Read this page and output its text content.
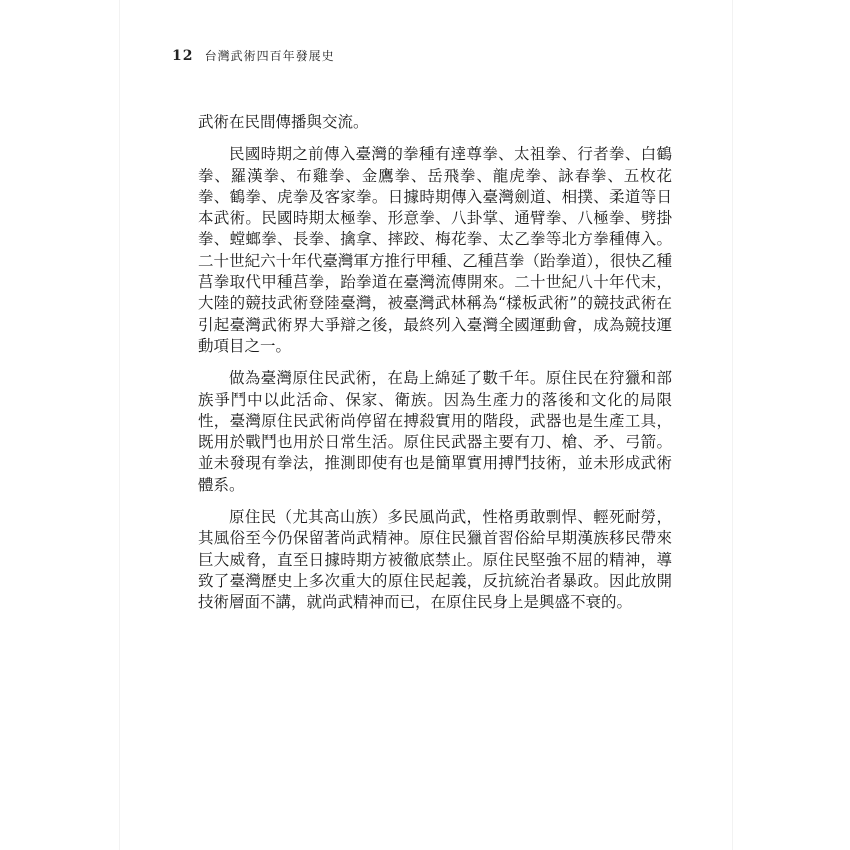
12 台灣武術四百年發展史

武術在民間傳播與交流。

民國時期之前傳入臺灣的拳種有達尊拳、太祖拳、行者拳、白鶴拳、羅漢拳、布雞拳、金鷹拳、岳飛拳、龍虎拳、詠春拳、五枚花拳、鶴拳、虎拳及客家拳。日據時期傳入臺灣劍道、相撲、柔道等日本武術。民國時期太極拳、形意拳、八卦掌、通臂拳、八極拳、劈掛拳、螳螂拳、長拳、擒拿、摔跤、梅花拳、太乙拳等北方拳種傳入。二十世紀六十年代臺灣軍方推行甲種、乙種莒拳（跆拳道），很快乙種莒拳取代甲種莒拳，跆拳道在臺灣流傳開來。二十世紀八十年代末，大陸的競技武術登陸臺灣，被臺灣武林稱為“樣板武術”的競技武術在引起臺灣武術界大爭辯之後，最終列入臺灣全國運動會，成為競技運動項目之一。

做為臺灣原住民武術，在島上綿延了數千年。原住民在狩獵和部族爭鬥中以此活命、保家、衛族。因為生產力的落後和文化的局限性，臺灣原住民武術尚停留在搏殺實用的階段，武器也是生產工具，既用於戰鬥也用於日常生活。原住民武器主要有刀、槍、矛、弓箭。並未發現有拳法，推測即使有也是簡單實用搏鬥技術，並未形成武術體系。

原住民（尤其高山族）多民風尚武，性格勇敢剽悍、輕死耐勞，其風俗至今仍保留著尚武精神。原住民獵首習俗給早期漢族移民帶來巨大威脅，直至日據時期方被徹底禁止。原住民堅強不屈的精神，導致了臺灣歷史上多次重大的原住民起義，反抗統治者暴政。因此放開技術層面不講，就尚武精神而已，在原住民身上是興盛不衰的。
